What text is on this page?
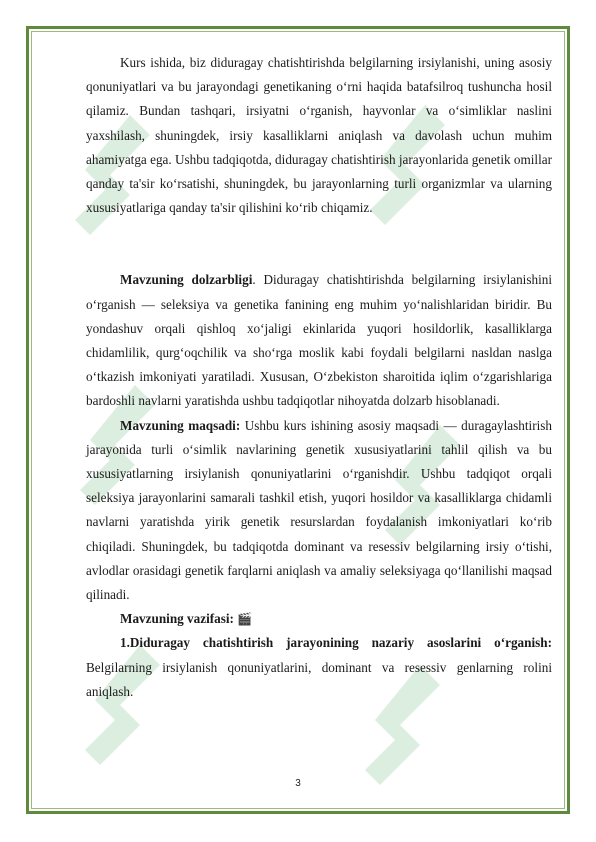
Kurs ishida, biz diduragay chatishtirishda belgilarning irsiylanishi, uning asosiy qonuniyatlari va bu jarayondagi genetikaning o‘rni haqida batafsilroq tushuncha hosil qilamiz. Bundan tashqari, irsiyatni o‘rganish, hayvonlar va o‘simliklar naslini yaxshilash, shuningdek, irsiy kasalliklarni aniqlash va davolash uchun muhim ahamiyatga ega. Ushbu tadqiqotda, diduragay chatishtirish jarayonlarida genetik omillar qanday ta'sir ko‘rsatishi, shuningdek, bu jarayonlarning turli organizmlar va ularning xususiyatlariga qanday ta'sir qilishini ko‘rib chiqamiz.

Mavzuning dolzarbligi. Diduragay chatishtirishda belgilarning irsiylanishini o‘rganish — seleksiya va genetika fanining eng muhim yo‘nalishlaridan biridir. Bu yondashuv orqali qishloq xo‘jaligi ekinlarida yuqori hosildorlik, kasalliklarga chidamlilik, qurg‘oqchilik va sho‘rga moslik kabi foydali belgilarni nasldan naslga o‘tkazish imkoniyati yaratiladi. Xususan, O‘zbekiston sharoitida iqlim o‘zgarishlariga bardoshli navlarni yaratishda ushbu tadqiqotlar nihoyatda dolzarb hisoblanadi.

Mavzuning maqsadi: Ushbu kurs ishining asosiy maqsadi — duragaylashtirish jarayonida turli o‘simlik navlarining genetik xususiyatlarini tahlil qilish va bu xususiyatlarning irsiylanish qonuniyatlarini o‘rganishdir. Ushbu tadqiqot orqali seleksiya jarayonlarini samarali tashkil etish, yuqori hosildor va kasalliklarga chidamli navlarni yaratishda yirik genetik resurslardan foydalanish imkoniyatlari ko‘rib chiqiladi. Shuningdek, bu tadqiqotda dominant va resessiv belgilarning irsiy o‘tishi, avlodlar orasidagi genetik farqlarni aniqlash va amaliy seleksiyaga qo‘llanilishi maqsad qilinadi.

Mavzuning vazifasi: 🎬

1.Diduragay chatishtirish jarayonining nazariy asoslarini o‘rganish: Belgilarning irsiylanish qonuniyatlarini, dominant va resessiv genlarning rolini aniqlash.

3
